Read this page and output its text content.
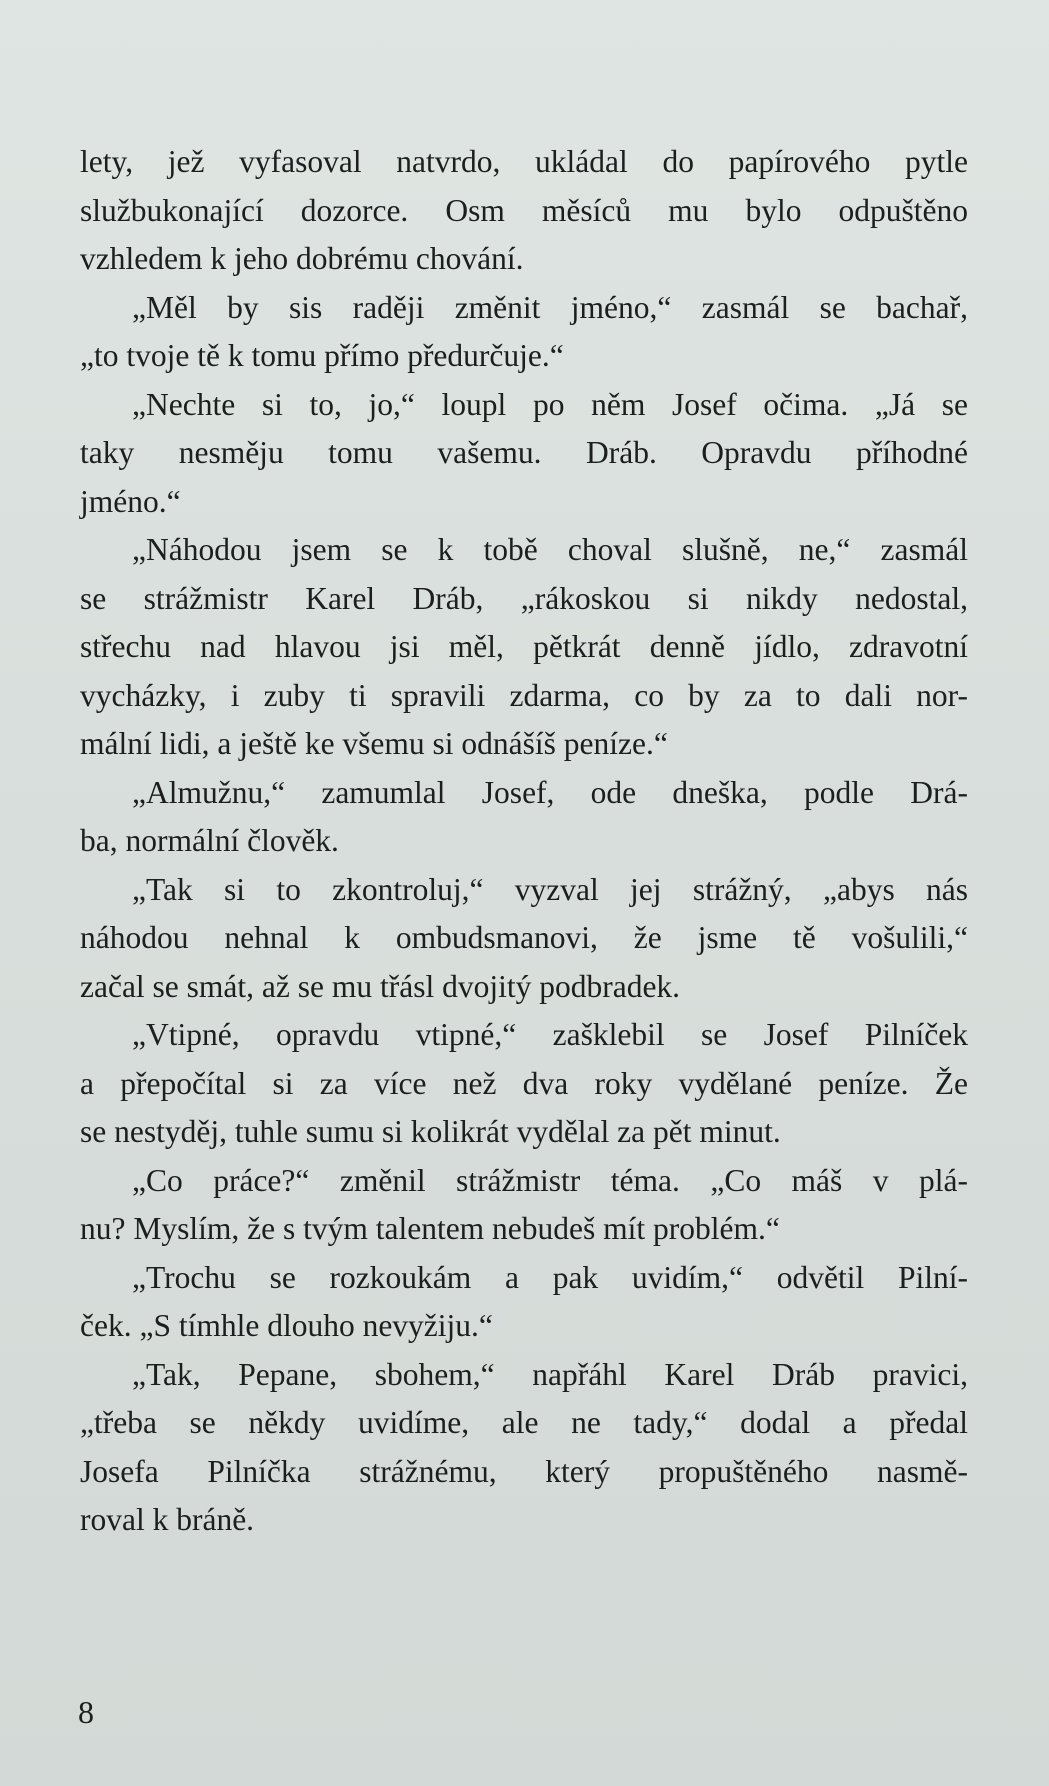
lety, jež vyfasoval natvrdo, ukládal do papírového pytle
službukonající dozorce. Osm měsíců mu bylo odpuštěno
vzhledem k jeho dobrému chování.
„Měl by sis raději změnit jméno,“ zasmál se bachař,
„to tvoje tě k tomu přímo předurčuje.“
„Nechte si to, jo,“ loupl po něm Josef očima. „Já se
taky nesměju tomu vašemu. Dráb. Opravdu příhodné
jméno.“
„Náhodou jsem se k tobě choval slušně, ne,“ zasmál
se strážmistr Karel Dráb, „rákoskou si nikdy nedostal,
střechu nad hlavou jsi měl, pětkrát denně jídlo, zdravotní
vycházky, i zuby ti spravili zdarma, co by za to dali nor-
mální lidi, a ještě ke všemu si odnášíš peníze.“
„Almužnu,“ zamumlal Josef, ode dneška, podle Drá-
ba, normální člověk.
„Tak si to zkontroluj,“ vyzval jej strážný, „abys nás
náhodou nehnal k ombudsmanovi, že jsme tě vošulili,“
začal se smát, až se mu třásl dvojitý podbradek.
„Vtipné, opravdu vtipné,“ zašklebil se Josef Pilníček
a přepočítal si za více než dva roky vydělané peníze. Že
se nestyděj, tuhle sumu si kolikrát vydělal za pět minut.
„Co práce?“ změnil strážmistr téma. „Co máš v plá-
nu? Myslím, že s tvým talentem nebudeš mít problém.“
„Trochu se rozkoukám a pak uvidím,“ odvětil Pilní-
ček. „S tímhle dlouho nevyžiju.“
„Tak, Pepane, sbohem,“ napřáhl Karel Dráb pravici,
„třeba se někdy uvidíme, ale ne tady,“ dodal a předal
Josefa Pilníčka strážnému, který propuštěného nasmě-
roval k bráně.
8
